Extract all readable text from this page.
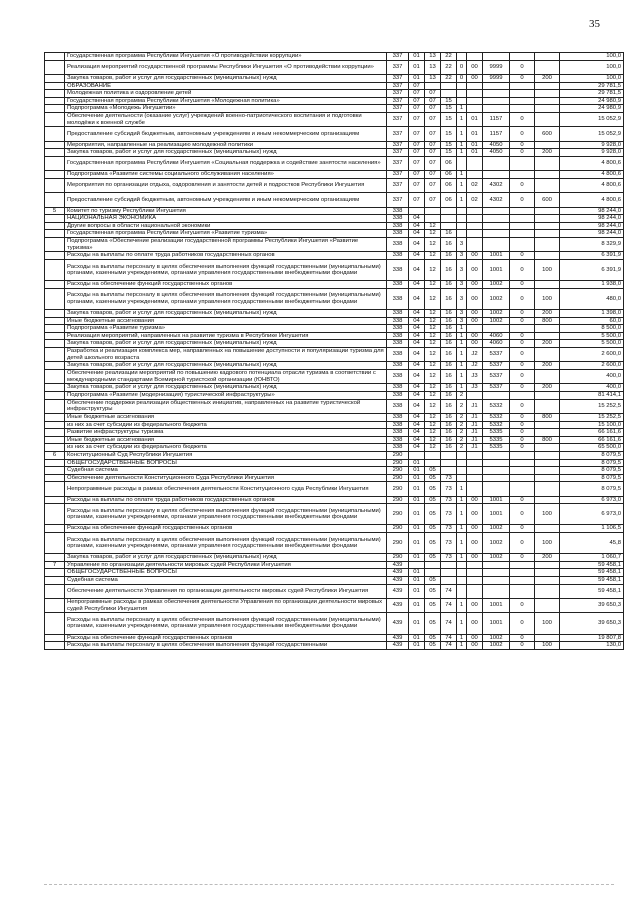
35
	Государственная программа Республики Ингушетия «О противодействии коррупции»	337	01	13	22						100,0
	Реализация мероприятий государственной программы Республики Ингушетия «О противодействии коррупции»	337	01	13	22	0	00	9999	0		100,0
	Закупка товаров, работ и услуг для государственных (муниципальных) нужд	337	01	13	22	0	00	9999	0	200	100,0
	ОБРАЗОВАНИЕ	337	07								29 781,5
	Молодежная политика и оздоровление детей	337	07	07							29 781,5
	Государственная программа Республики Ингушетия «Молодежная политика»	337	07	07	15						24 980,9
	Подпрограмма «Молодежь Ингушетии»	337	07	07	15	1					24 980,9
	Обеспечение деятельности (оказание услуг) учреждений военно-патриотического воспитания и подготовки молодёжи к военной службе	337	07	07	15	1	01	1157	0		15 052,9
	Предоставление субсидий бюджетным, автономным учреждениям и иным некоммерческим организациям	337	07	07	15	1	01	1157	0	600	15 052,9
	Мероприятия, направленные на реализацию молодежной политики	337	07	07	15	1	01	4050	0		9 928,0
	Закупка товаров, работ и услуг для государственных (муниципальных) нужд	337	07	07	15	1	01	4050	0	200	9 928,0
	Государственная программа Республики Ингушетия «Социальная поддержка и содействие занятости населения»	337	07	07	06						4 800,6
	Подпрограмма «Развитие системы социального обслуживания населения»	337	07	07	06	1					4 800,6
	Мероприятия по организации отдыха, оздоровления и занятости детей и подростков Республики Ингушетия	337	07	07	06	1	02	4302	0		4 800,6
	Предоставление субсидий бюджетным, автономным учреждениям и иным некоммерческим организациям	337	07	07	06	1	02	4302	0	600	4 800,6
5	Комитет по туризму Республики Ингушетия	338									98 244,0
	НАЦИОНАЛЬНАЯ ЭКОНОМИКА	338	04								98 244,0
	Другие вопросы в области национальной экономики	338	04	12							98 244,0
	Государственная программа Республики Ингушетия «Развитие туризма»	338	04	12	16						98 244,0
	Подпрограмма «Обеспечение реализации государственной программы Республики Ингушетия «Развитие туризма»	338	04	12	16	3					8 329,9
	Расходы на выплаты по оплате труда работников государственных органов	338	04	12	16	3	00	1001	0		6 391,9
	Расходы на выплаты персоналу в целях обеспечения выполнения функций государственными (муниципальными) органами, казенными учреждениями, органами управления государственными внебюджетными фондами	338	04	12	16	3	00	1001	0	100	6 391,9
	Расходы на обеспечение функций государственных органов	338	04	12	16	3	00	1002	0		1 938,0
	Расходы на выплаты персоналу в целях обеспечения выполнения функций государственными (муниципальными) органами, казенными учреждениями, органами управления государственными внебюджетными фондами	338	04	12	16	3	00	1002	0	100	480,0
	Закупка товаров, работ и услуг для государственных (муниципальных) нужд	338	04	12	16	3	00	1002	0	200	1 398,0
	Иные бюджетные ассигнования	338	04	12	16	3	00	1002	0	800	60,0
	Подпрограмма «Развитие туризма»	338	04	12	16	1					8 500,0
	Реализация мероприятий, направленных на развитие туризма в Республике Ингушетия	338	04	12	16	1	00	4060	0		5 500,0
	Закупка товаров, работ и услуг для государственных (муниципальных) нужд	338	04	12	16	1	00	4060	0	200	5 500,0
	Разработка и реализация комплекса мер, направленных на повышение доступности и популяризации туризма для детей школьного возраста	338	04	12	16	1	J2	5337	0		2 600,0
	Закупка товаров, работ и услуг для государственных (муниципальных) нужд	338	04	12	16	1	J2	5337	0	200	2 600,0
	Обеспечение реализации мероприятий по повышению кадрового потенциала отрасли туризма в соответствии с международными стандартами Всемирной туристской организации (ЮНВТО)	338	04	12	16	1	J3	5337	0		400,0
	Закупка товаров, работ и услуг для государственных (муниципальных) нужд	338	04	12	16	1	J3	5337	0	200	400,0
	Подпрограмма «Развитие (модернизация) туристической инфраструктуры»	338	04	12	16	2					81 414,1
	Обеспечение поддержки реализации общественных инициатив, направленных на развитие туристической инфраструктуры	338	04	12	16	2	J1	5332	0		15 252,5
	Иные бюджетные ассигнования	338	04	12	16	2	J1	5332	0	800	15 252,5
	из них за счет субсидии из федерального бюджета	338	04	12	16	2	J1	5332	0		15 100,0
	Развитие инфраструктуры туризма	338	04	12	16	2	J1	5335	0		66 161,6
	Иные бюджетные ассигнования	338	04	12	16	2	J1	5335	0	800	66 161,6
	из них за счет субсидии из федерального бюджета	338	04	12	16	2	J1	5335	0		65 500,0
6	Конституционный Суд Республики Ингушетия	290									8 079,5
	ОБЩЕГОСУДАРСТВЕННЫЕ ВОПРОСЫ	290	01								8 079,5
	Судебная система	290	01	05							8 079,5
	Обеспечение деятельности Конституционного Суда Республики Ингушетия	290	01	05	73						8 079,5
	Непрограммные расходы в рамках обеспечения деятельности Конституционного суда Республики Ингушетия	290	01	05	73	1					8 079,5
	Расходы на выплаты по оплате труда работников государственных органов	290	01	05	73	1	00	1001	0		6 973,0
	Расходы на выплаты персоналу в целях обеспечения выполнения функций государственными (муниципальными) органами, казенными учреждениями, органами управления государственными внебюджетными фондами	290	01	05	73	1	00	1001	0	100	6 973,0
	Расходы на обеспечение функций государственных органов	290	01	05	73	1	00	1002	0		1 106,5
	Расходы на выплаты персоналу в целях обеспечения выполнения функций государственными (муниципальными) органами, казенными учреждениями, органами управления государственными внебюджетными фондами	290	01	05	73	1	00	1002	0	100	45,8
	Закупка товаров, работ и услуг для государственных (муниципальных) нужд	290	01	05	73	1	00	1002	0	200	1 060,7
7	Управление по организации деятельности мировых судей Республики Ингушетия	439									59 458,1
	ОБЩЕГОСУДАРСТВЕННЫЕ ВОПРОСЫ	439	01								59 458,1
	Судебная система	439	01	05							59 458,1
	Обеспечение деятельности Управления по организации деятельности мировых судей Республики Ингушетия	439	01	05	74						59 458,1
	Непрограммные расходы в рамках обеспечения деятельности Управления по организации деятельности мировых судей Республики Ингушетия	439	01	05	74	1	00	1001	0		39 650,3
	Расходы на выплаты персоналу в целях обеспечения выполнения функций государственными (муниципальными) органами, казенными учреждениями, органами управления государственными внебюджетными фондами	439	01	05	74	1	00	1001	0	100	39 650,3
	Расходы на обеспечение функций государственных органов	439	01	05	74	1	00	1002	0		19 807,8
	Расходы на выплаты персоналу в целях обеспечения выполнения функций государственными	439	01	05	74	1	00	1002	0	100	130,0
